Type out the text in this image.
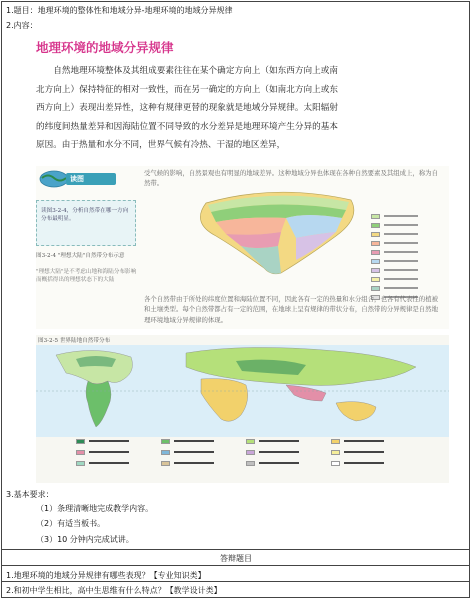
1.题目：地理环境的整体性和地域分异-地理环境的地域分异规律
2.内容：
地理环境的地域分异规律

自然地理环境整体及其组成要素往往在某个确定方向上（如东西方向上或南北方向上）保持特征的相对一致性，而在另一确定的方向上（如南北方向上或东西方向上）表现出差异性，这种有规律更替的现象就是地域分异规律。太阳辐射的纬度间热量差异和因海陆位置不同导致的水分差异是地理环境产生分异的基本原因。由于热量和水分不同，世界气候有冷热、干湿的地区差异，

受气候的影响，自然景观也有明显的地域差异。这种地域分异也体现在各种自然要素及其组成上，称为自然带。
读图
读图3-2-4，分析自然带在哪一方向分布最明显。
图3-2-4 "理想大陆"自然带分布示意
"理想大陆"是不考虑山地和海陆分布影响而概括得出的理想状态下的大陆
各个自然带由于所处的纬度位置和海陆位置不同，因此各有一定的热量和水分组合，也各有代表性的植被和土壤类型。每个自然带都占有一定的范围，在地球上呈有规律的带状分布，自然带的分异规律是自然地理环境地域分异规律的体现。
图3-2-5 世界陆地自然带分布
3.基本要求：
（1）条理清晰地完成教学内容。
（2）有适当板书。
（3）10 分钟内完成试讲。
答辩题目
1.地理环境的地域分异规律有哪些表现？【专业知识类】
2.和初中学生相比，高中生思维有什么特点？【教学设计类】
